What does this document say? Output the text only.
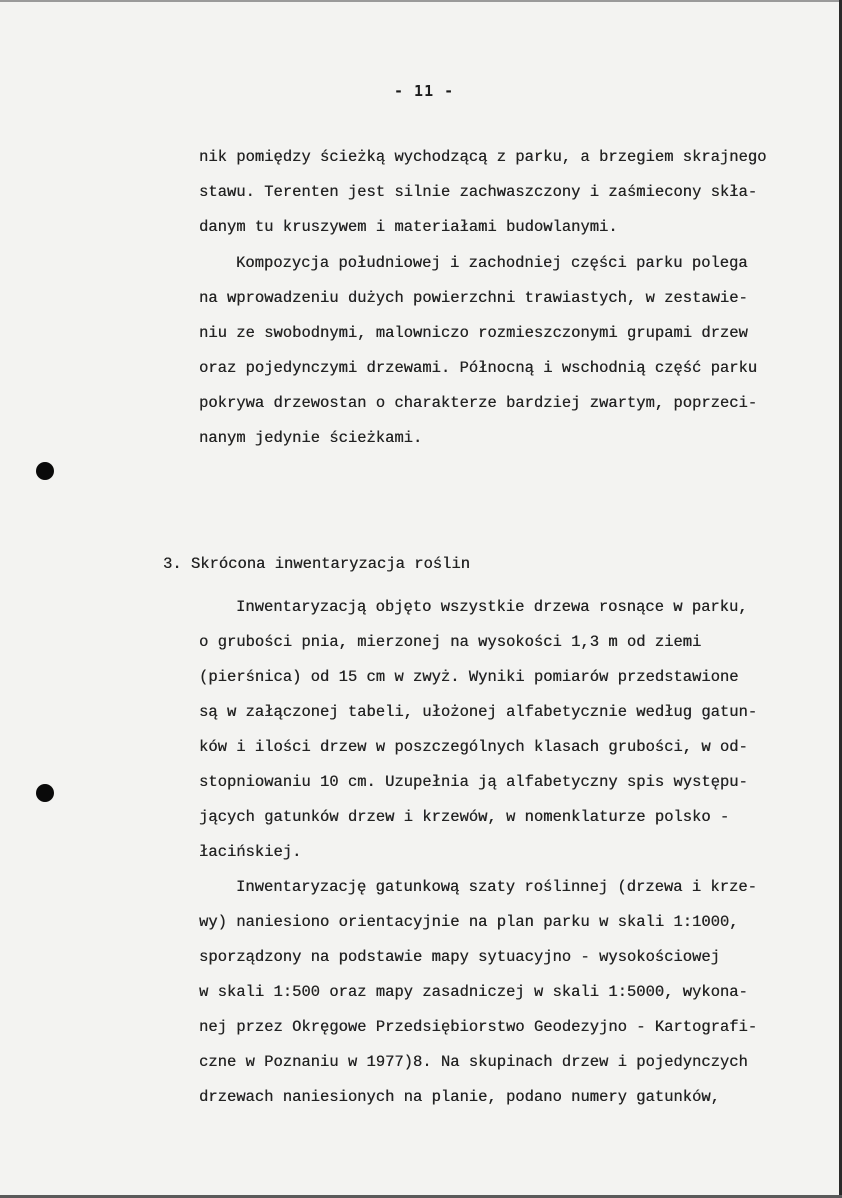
- 11 -
nik pomiędzy ścieżką wychodzącą z parku, a brzegiem skrajnego
stawu. Terenten jest silnie zachwaszczony i zaśmiecony skła-
danym tu kruszywem i materiałami budowlanymi.
Kompozycja południowej i zachodniej części parku polega
na wprowadzeniu dużych powierzchni trawiastych, w zestawie-
niu ze swobodnymi, malowniczo rozmieszczonymi grupami drzew
oraz pojedynczymi drzewami. Północną i wschodnią część parku
pokrywa drzewostan o charakterze bardziej zwartym, poprzeci-
nanym jedynie ścieżkami.
3. Skrócona inwentaryzacja roślin
Inwentaryzacją objęto wszystkie drzewa rosnące w parku,
o grubości pnia, mierzonej na wysokości 1,3 m od ziemi
(pierśnica) od 15 cm w zwyż. Wyniki pomiarów przedstawione
są w załączonej tabeli, ułożonej alfabetycznie według gatun-
ków i ilości drzew w poszczególnych klasach grubości, w od-
stopniowaniu 10 cm. Uzupełnia ją alfabetyczny spis występu-
jących gatunków drzew i krzewów, w nomenklaturze polsko -
łacińskiej.
Inwentaryzację gatunkową szaty roślinnej (drzewa i krze-
wy) naniesiono orientacyjnie na plan parku w skali 1:1000,
sporządzony na podstawie mapy sytuacyjno - wysokościowej
w skali 1:500 oraz mapy zasadniczej w skali 1:5000, wykona-
nej przez Okręgowe Przedsiębiorstwo Geodezyjno - Kartografi-
czne w Poznaniu w 1977)8. Na skupinach drzew i pojedynczych
drzewach naniesionych na planie, podano numery gatunków,
